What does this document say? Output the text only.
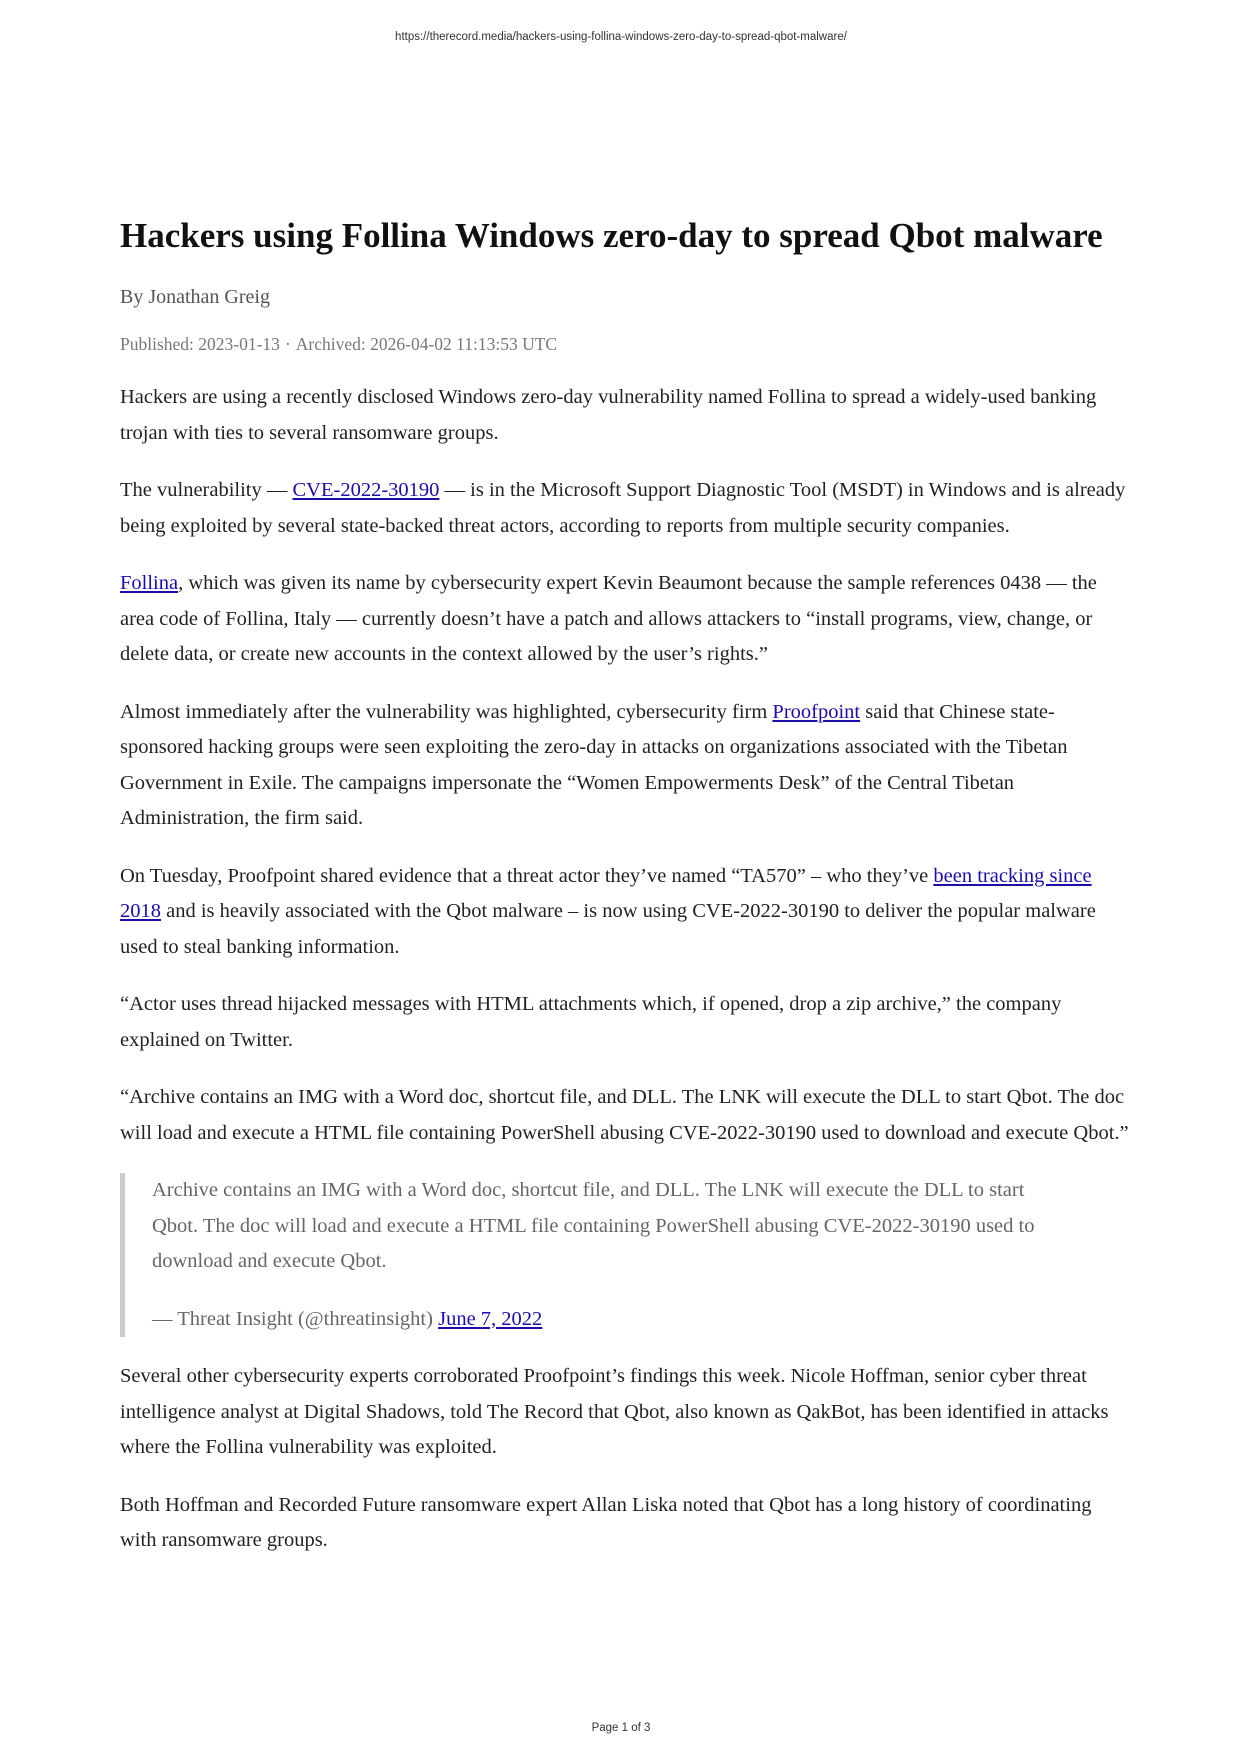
https://therecord.media/hackers-using-follina-windows-zero-day-to-spread-qbot-malware/
Hackers using Follina Windows zero-day to spread Qbot malware
By Jonathan Greig
Published: 2023-01-13 · Archived: 2026-04-02 11:13:53 UTC

Hackers are using a recently disclosed Windows zero-day vulnerability named Follina to spread a widely-used banking trojan with ties to several ransomware groups.

The vulnerability — CVE-2022-30190 — is in the Microsoft Support Diagnostic Tool (MSDT) in Windows and is already being exploited by several state-backed threat actors, according to reports from multiple security companies.

Follina, which was given its name by cybersecurity expert Kevin Beaumont because the sample references 0438 — the area code of Follina, Italy — currently doesn’t have a patch and allows attackers to “install programs, view, change, or delete data, or create new accounts in the context allowed by the user’s rights.”

Almost immediately after the vulnerability was highlighted, cybersecurity firm Proofpoint said that Chinese state-sponsored hacking groups were seen exploiting the zero-day in attacks on organizations associated with the Tibetan Government in Exile. The campaigns impersonate the “Women Empowerments Desk” of the Central Tibetan Administration, the firm said.

On Tuesday, Proofpoint shared evidence that a threat actor they’ve named “TA570” – who they’ve been tracking since 2018 and is heavily associated with the Qbot malware – is now using CVE-2022-30190 to deliver the popular malware used to steal banking information.

“Actor uses thread hijacked messages with HTML attachments which, if opened, drop a zip archive,” the company explained on Twitter.

“Archive contains an IMG with a Word doc, shortcut file, and DLL. The LNK will execute the DLL to start Qbot. The doc will load and execute a HTML file containing PowerShell abusing CVE-2022-30190 used to download and execute Qbot.”

Archive contains an IMG with a Word doc, shortcut file, and DLL. The LNK will execute the DLL to start Qbot. The doc will load and execute a HTML file containing PowerShell abusing CVE-2022-30190 used to download and execute Qbot.

— Threat Insight (@threatinsight) June 7, 2022

Several other cybersecurity experts corroborated Proofpoint’s findings this week. Nicole Hoffman, senior cyber threat intelligence analyst at Digital Shadows, told The Record that Qbot, also known as QakBot, has been identified in attacks where the Follina vulnerability was exploited.

Both Hoffman and Recorded Future ransomware expert Allan Liska noted that Qbot has a long history of coordinating with ransomware groups.

Page 1 of 3
